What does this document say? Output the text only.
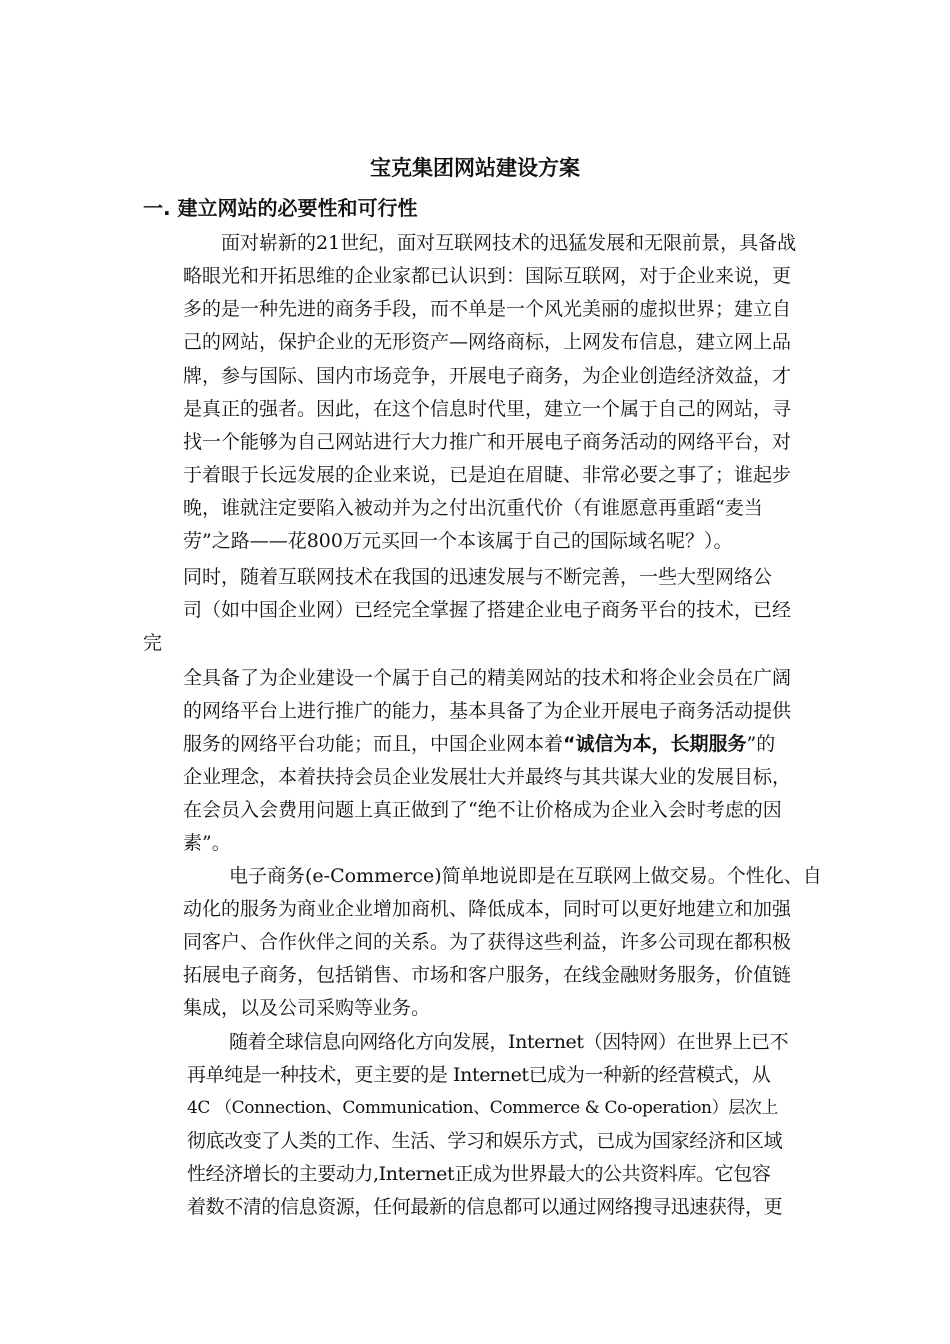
宝克集团网站建设方案
一. 建立网站的必要性和可行性
面对崭新的21世纪，面对互联网技术的迅猛发展和无限前景，具备战
略眼光和开拓思维的企业家都已认识到：国际互联网，对于企业来说，更
多的是一种先进的商务手段，而不单是一个风光美丽的虚拟世界；建立自
己的网站，保护企业的无形资产—网络商标，上网发布信息，建立网上品
牌，参与国际、国内市场竞争，开展电子商务，为企业创造经济效益，才
是真正的强者。因此，在这个信息时代里，建立一个属于自己的网站，寻
找一个能够为自己网站进行大力推广和开展电子商务活动的网络平台，对
于着眼于长远发展的企业来说，已是迫在眉睫、非常必要之事了；谁起步
晚，谁就注定要陷入被动并为之付出沉重代价（有谁愿意再重蹈“麦当
劳”之路——花800万元买回一个本该属于自己的国际域名呢？）。
同时，随着互联网技术在我国的迅速发展与不断完善，一些大型网络公
司（如中国企业网）已经完全掌握了搭建企业电子商务平台的技术，已经
完
全具备了为企业建设一个属于自己的精美网站的技术和将企业会员在广阔
的网络平台上进行推广的能力，基本具备了为企业开展电子商务活动提供
服务的网络平台功能；而且，中国企业网本着“诚信为本，长期服务”的
企业理念，本着扶持会员企业发展壮大并最终与其共谋大业的发展目标，
在会员入会费用问题上真正做到了“绝不让价格成为企业入会时考虑的因
素”。
电子商务(e-Commerce)简单地说即是在互联网上做交易。个性化、自
动化的服务为商业企业增加商机、降低成本，同时可以更好地建立和加强
同客户、合作伙伴之间的关系。为了获得这些利益，许多公司现在都积极
拓展电子商务，包括销售、市场和客户服务，在线金融财务服务，价值链
集成，以及公司采购等业务。
随着全球信息向网络化方向发展，Internet（因特网）在世界上已不
再单纯是一种技术，更主要的是 Internet已成为一种新的经营模式，从
4C （Connection、Communication、Commerce & Co-operation）层次上
彻底改变了人类的工作、生活、学习和娱乐方式，已成为国家经济和区域
性经济增长的主要动力,Internet正成为世界最大的公共资料库。它包容
着数不清的信息资源，任何最新的信息都可以通过网络搜寻迅速获得，更
